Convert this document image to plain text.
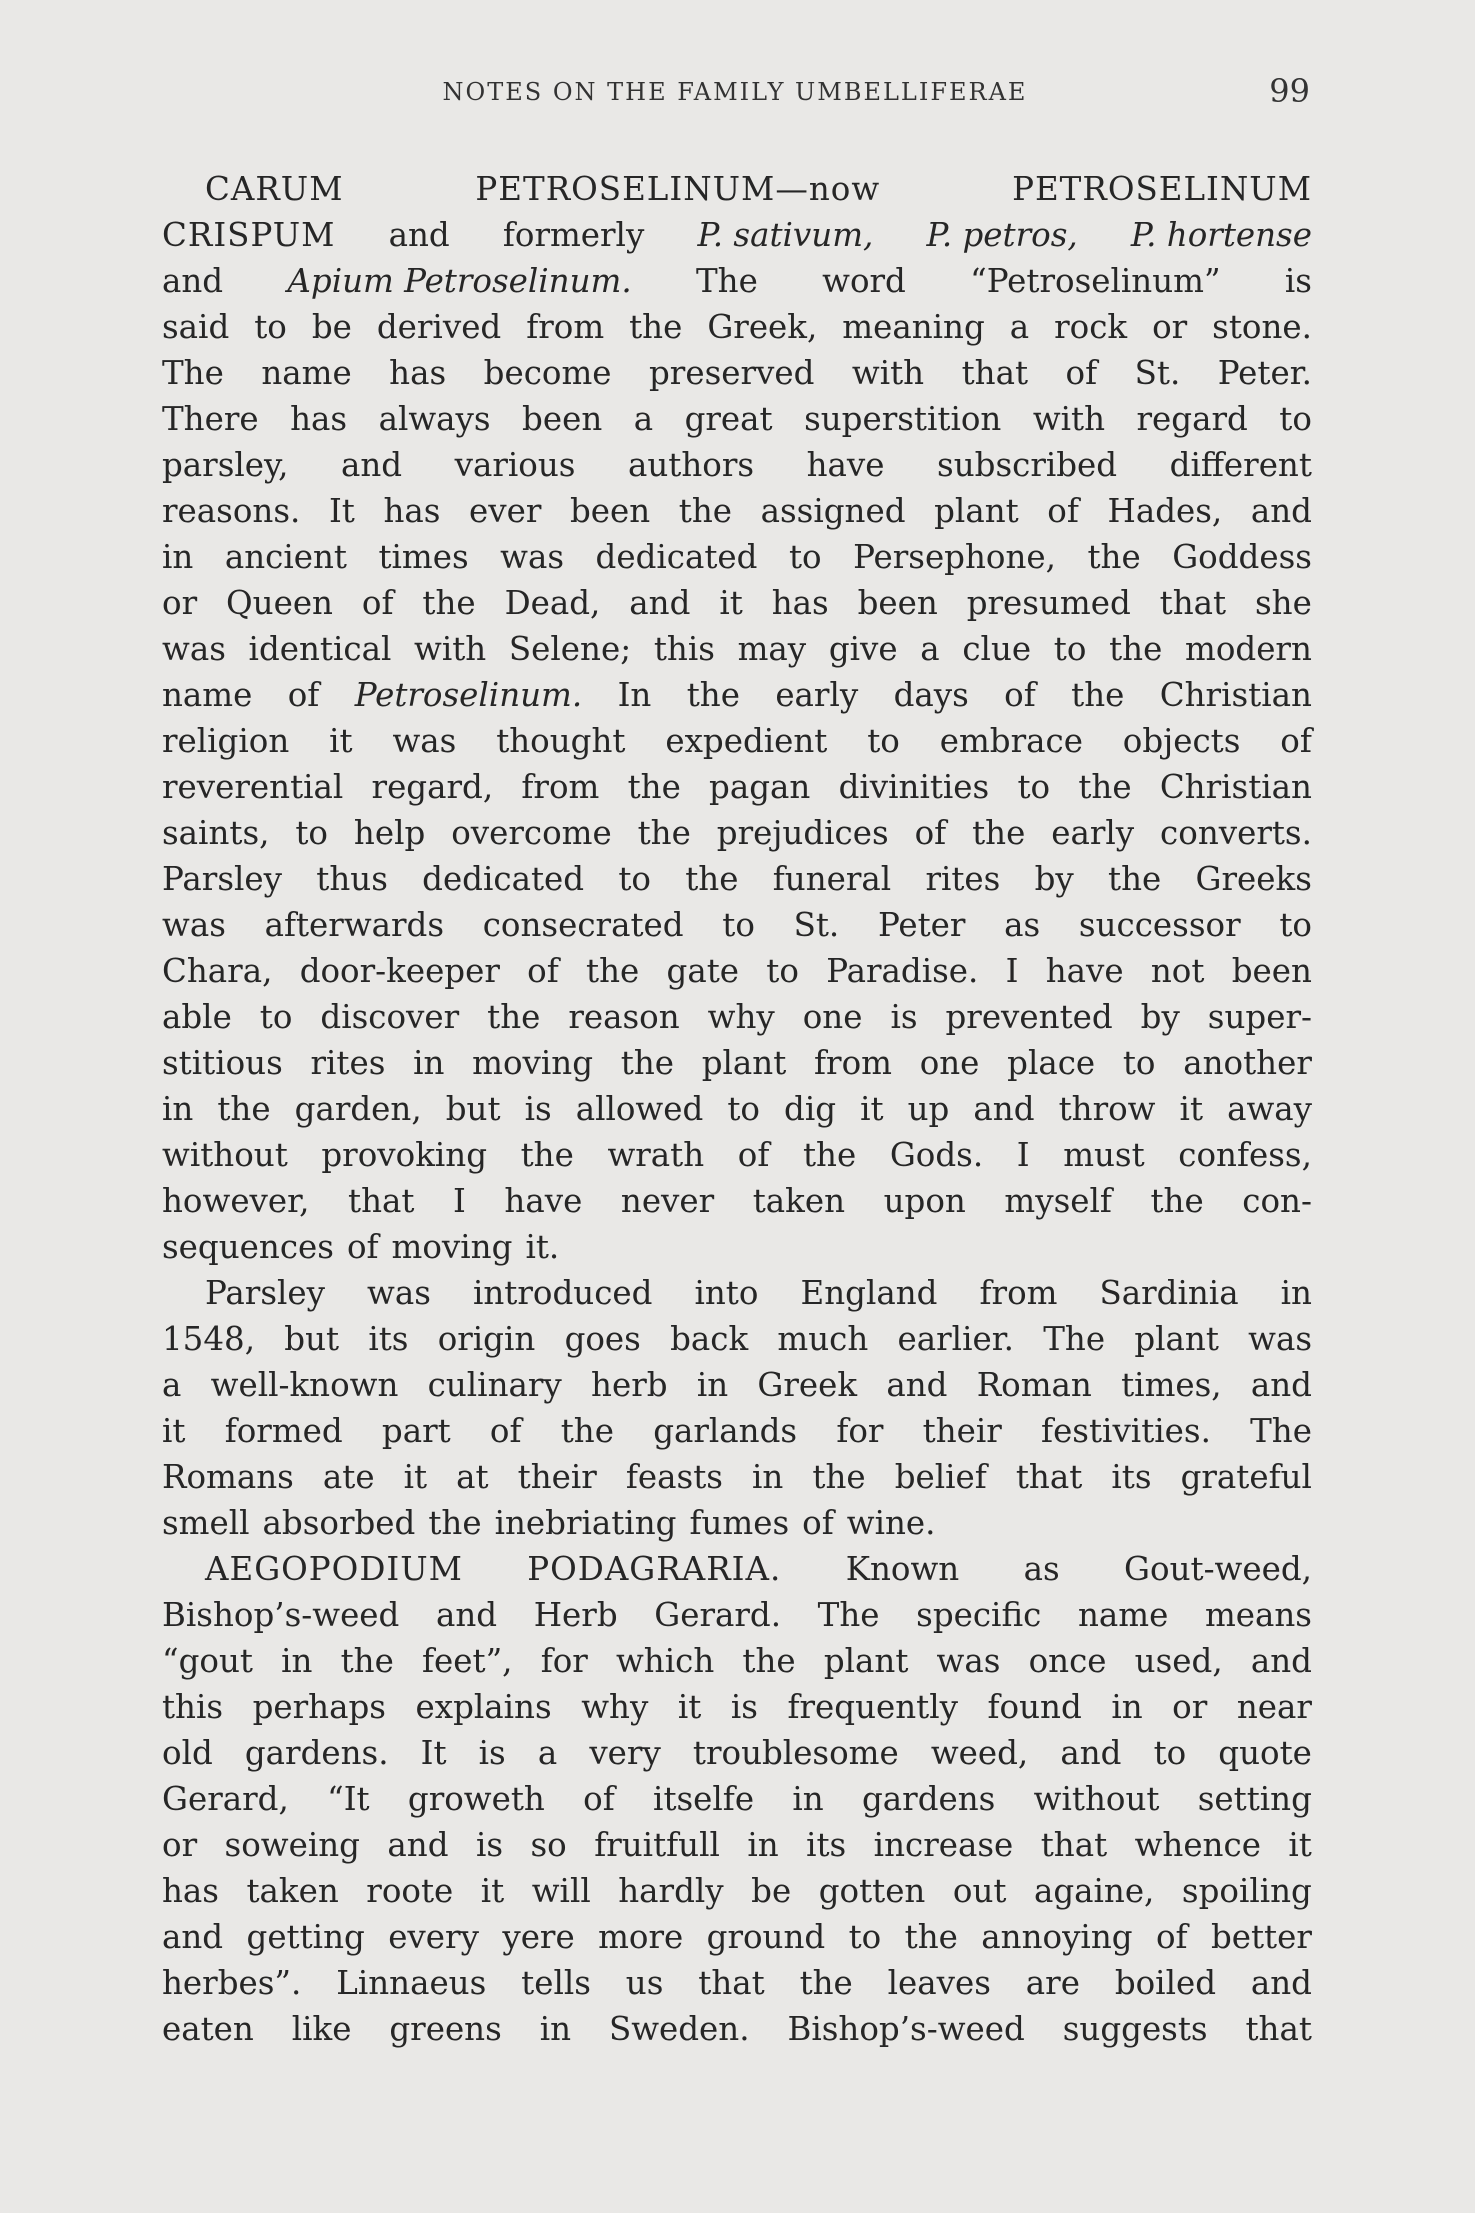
NOTES ON THE FAMILY UMBELLIFERAE	99
CARUM	PETROSELINUM—now	PETROSELINUM
CRISPUM and formerly P. sativum, P. petros, P. hortense
and Apium Petroselinum. The word “Petroselinum” is
said to be derived from the Greek, meaning a rock or stone.
The name has become preserved with that of St. Peter.
There has always been a great superstition with regard to
parsley, and various authors have subscribed different
reasons. It has ever been the assigned plant of Hades, and
in ancient times was dedicated to Persephone, the Goddess
or Queen of the Dead, and it has been presumed that she
was identical with Selene; this may give a clue to the modern
name of Petroselinum. In the early days of the Christian
religion it was thought expedient to embrace objects of
reverential regard, from the pagan divinities to the Christian
saints, to help overcome the prejudices of the early converts.
Parsley thus dedicated to the funeral rites by the Greeks
was afterwards consecrated to St. Peter as successor to
Chara, door-keeper of the gate to Paradise. I have not been
able to discover the reason why one is prevented by super-
stitious rites in moving the plant from one place to another
in the garden, but is allowed to dig it up and throw it away
without provoking the wrath of the Gods. I must confess,
however, that I have never taken upon myself the con-
sequences of moving it.
Parsley was introduced into England from Sardinia in
1548, but its origin goes back much earlier. The plant was
a well-known culinary herb in Greek and Roman times, and
it formed part of the garlands for their festivities. The
Romans ate it at their feasts in the belief that its grateful
smell absorbed the inebriating fumes of wine.
AEGOPODIUM PODAGRARIA. Known as Gout-weed,
Bishop’s-weed and Herb Gerard. The specific name means
“gout in the feet”, for which the plant was once used, and
this perhaps explains why it is frequently found in or near
old gardens. It is a very troublesome weed, and to quote
Gerard, “It groweth of itselfe in gardens without setting
or soweing and is so fruitfull in its increase that whence it
has taken roote it will hardly be gotten out againe, spoiling
and getting every yere more ground to the annoying of better
herbes”. Linnaeus tells us that the leaves are boiled and
eaten like greens in Sweden. Bishop’s-weed suggests that
